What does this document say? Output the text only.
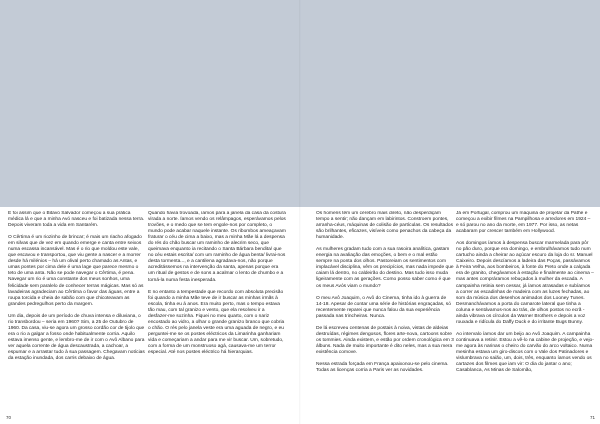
E foi assim que o Bitavó Salvador começou a sua prática médica lá e que a minha Avó nasceu e foi batizada nessa terra. Depois viveram toda a vida em Santarém.

O Cêrtima é um riozinho de brincar; é mais um riacho afogado em silvas que de vez em quando emerge e canta entre seixos numa escassa incansável. Mas é o rio que moldou este vale, que escavou e transportou, que viu gente a nascer e a morrer desde há milénios – há um olival perto chamado as Antas, e umas pontes por cima dele é uma lage que parece mesmo o teto de uma anta. Não se pode navegar o Cêrtima, é pena. Navegar um rio é uma constante dos meus sonhos, uma felicidade sem paralelo de conhecer terras mágicas. Mas só as lavadeiras agradeciam ao Cêrtima o favor das águas, entre a roupa torcida e cheia de sabão com que chicoteavam as grandes pedregulhos perto da margem.

Um dia, depois de um período de chuva intensa e diluviana, o rio transbordou – seria em 1960? Sim, a 25 de Outubro de 1960. Da casa, viu-se agora um grosso cordão cor de tijolo que era o rio a galgar a fosso onde habitualmente corria. Aquilo estava imenso gente, e lembro-me de ir com o Avô Albano para ver aquela corrente de água descaustrada, a cachoar, a espumar e a arrastar tudo à sua passagem. Chegavam notícias da estação inundada, dos carris debaixo de água.

Quando havia trovoada, íamos para a janela da casa da costura virada a norte. Íamos vendo os relâmpagos, esperávamos pelos trovões, e o medo que se tem engole-nos por completo, o mundo pode acabar naquele instante. Os ribombos ameaçavam fraturar o céu de cima a baixo, mas a minha Mãe lá a despensa do rés do chão buscar um raminho de alecrim seco, que queimava enquanto ia recitando o Santa Bárbara bendita/ que no céu estais escrita/ com um raminho de água benta/ livrai-nos desta tormenta..., e a cantilena agradava-nos, não porque acreditássemos na intervenção da santa, apenas porque era um ritual de gestos e de sons a acalmar o lento de chumbo e a torná-la numa festa inesperada.

E no entanto a tempestade que recordo com absoluta precisão foi quando a minha Mãe teve de ir buscar as minhas irmãs à escola, tinha eu á anos. Era muito perto, mas o tempo estava tão mau, com tal granizo e vento, que ela resolveu ir a desfazer-me sozinha. Fiquei no meu quarto, com o nariz encostado ao vidro, a olhar o grande granizo branco que cobria o chão. O rés pelo janela veste era uma aguada de negro, e eu perguntei-me se os postes eléctricos da Limarinha ganhariam vida e começariam a andar para me vir buscar. Um, sobretudo, com a forma de um monstruoso agá, causava-me um terror especial. Até nos postes eléctrico há hierarquias.

Os homens têm um cérebro mais direto, não desperdiçam tempo a sentir; não dançam em labirintos. Constroem pontes, arranha-céus, máquinas de colisão de partículas. Os resultados são brilhantes, eficazes, visíveis como penachos da cabeça da humanidade.

As mulheres gradam tudo com a sua rasoira analítica, gastam energia na avaliação das emoções, o bem e o mal estão sempre na ponta dos olhos. Pastoreiam os sentimentos com implacável disciplina, vêm os precipícios, mas nada impede que caiam lá dentro, no caldeirão do destino. Mas tudo isso muda ligeiramente com as gerações. Como posso saber como é que os meus Avós viam o mundo?

O meu Avô Joaquim, o Avô do Cinema, tinha ido à guerra de 14-18. Apesar de contar uma série de histórias engraçadas, só recentemente reparei que nunca falou da sua experiência passada nas trincheiras. Nunca.

De lá escreveu centenas de postais à noiva, vistas de aldeias destruídas, régimes dengosos, flores arte-nova, cartoons sobre os tommies. Ainda existem, e estão por ordem cronológica em 3 álbuns. Nada de muito importante é dito neles, mas a sua mera existência comove.

Nessa estrada forçada em França apaixonou-se pelo cinema. Todas as licenças corria a Paris ver as novidades.

Já em Portugal, comprou um máquina de projetar da Pathé e começou a exibir filmes na Pampilhosa e arredores em 1924 – e só parou no ano da morte, em 1977. Por isso, as netas acabaram por crescer também em Hollywood.

Aos domingos íamos à despensa buscar marmelada para pôr no pão duro, porque era domingo, e embrulhávamos tudo num cartucho ainda a cheirar ao açúcar escuro da loja do sr. Manuel Caixeiro. Depois descíamos a ladeira das Poças, passávamos à Feira Velha, aos bombeiros, à fonte do Preto onde a calçada era de granito, chegávamos à estação e finalmente ao cinema – mas antes compráramos rebuçados à mulher da escada. A campainha retinia sem cessar, já íamos atrasadas e subíamos a correr as escadinhas de madeira com as luzes fechadas, ao som da música dos desenhos animados dos Looney Tunes. Desmanchávamos a porta do camarote lateral que tinha a coluna e sentávamos-nos ao trás, de olhos postos no ecrã - ainda vibrava os círculos da Warner Brothers e depois a voz rouxada e ridícula do Daffy Duck e do irritante Bugs Bunny.

Ao intervalo íamos dar um beijo ao Avô Joaquim. A campainha continuava a retinir. Estou a vê-lo na cabine de projeção, e vejo-me agora às narinas o cheiro do carvão do arco voltaico. Numa mesinha estava um giro-discos com o Vale dos Patinadores e vislumbrava no saião, um, dois, três, enquanto íamos vendo os cartazes dos filmes que iam vir: O dia do jantar o ano; Casablanca, As Minas de Salomão,

70	71
